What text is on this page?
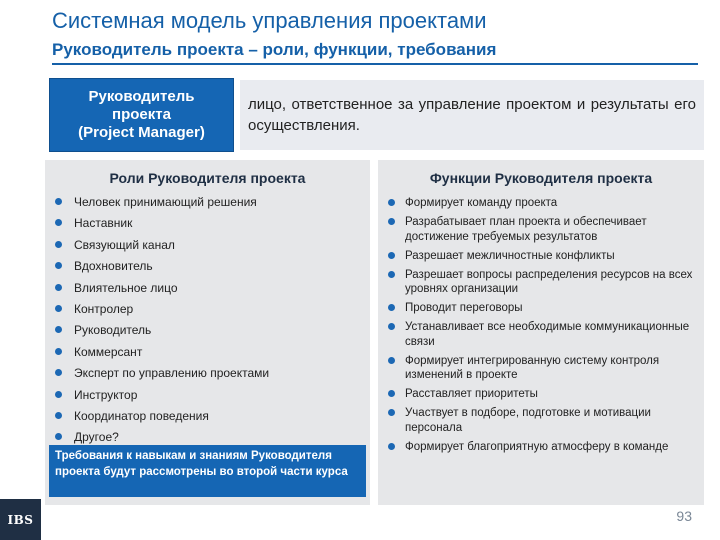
Системная модель управления проектами
Руководитель проекта – роли, функции, требования
Руководитель
проекта
(Project Manager)
лицо, ответственное за управление проектом и результаты его осуществления.
Роли Руководителя проекта
Человек принимающий решения
Наставник
Связующий канал
Вдохновитель
Влиятельное лицо
Контролер
Руководитель
Коммерсант
Эксперт по управлению проектами
Инструктор
Координатор поведения
Другое?
Требования к навыкам и знаниям Руководителя проекта будут рассмотрены во второй части курса
Функции Руководителя проекта
Формирует команду проекта
Разрабатывает план проекта и обеспечивает достижение требуемых результатов
Разрешает межличностные конфликты
Разрешает вопросы распределения ресурсов на всех уровнях организации
Проводит переговоры
Устанавливает все необходимые коммуникационные связи
Формирует интегрированную систему контроля изменений в проекте
Расставляет приоритеты
Участвует в подборе, подготовке и мотивации персонала
Формирует благоприятную атмосферу в команде
IBS	93
